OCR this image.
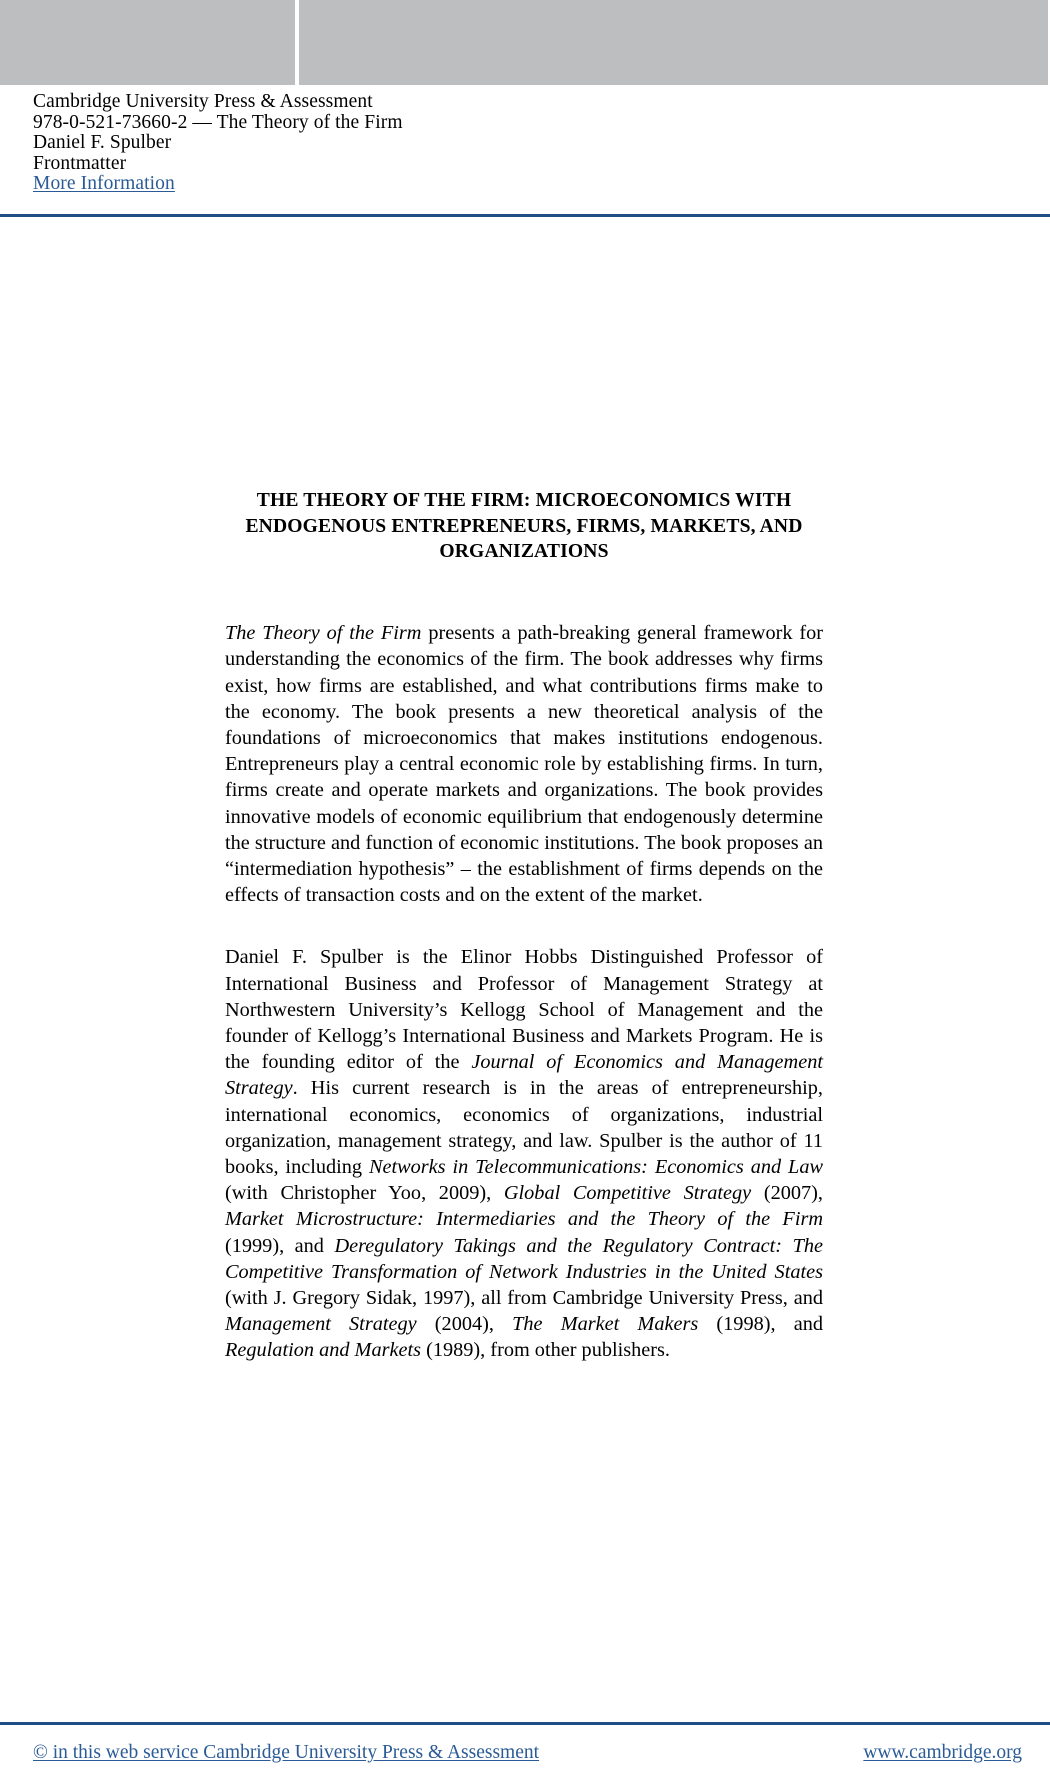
Cambridge University Press & Assessment
978-0-521-73660-2 — The Theory of the Firm
Daniel F. Spulber
Frontmatter
More Information
THE THEORY OF THE FIRM: MICROECONOMICS WITH
ENDOGENOUS ENTREPRENEURS, FIRMS, MARKETS, AND
ORGANIZATIONS

The Theory of the Firm presents a path-breaking general framework for understanding the economics of the firm. The book addresses why firms exist, how firms are established, and what contributions firms make to the economy. The book presents a new theoretical analysis of the foundations of microeconomics that makes institutions endogenous. Entrepreneurs play a central economic role by establishing firms. In turn, firms create and operate markets and organizations. The book provides innovative models of economic equilibrium that endogenously determine the structure and function of economic institutions. The book proposes an “intermediation hypothesis” – the establishment of firms depends on the effects of transaction costs and on the extent of the market.

Daniel F. Spulber is the Elinor Hobbs Distinguished Professor of International Business and Professor of Management Strategy at Northwestern University’s Kellogg School of Management and the founder of Kellogg’s International Business and Markets Program. He is the founding editor of the Journal of Economics and Management Strategy. His current research is in the areas of entrepreneurship, international economics, economics of organizations, industrial organization, management strategy, and law. Spulber is the author of 11 books, including Networks in Telecommunications: Economics and Law (with Christopher Yoo, 2009), Global Competitive Strategy (2007), Market Microstructure: Intermediaries and the Theory of the Firm (1999), and Deregulatory Takings and the Regulatory Contract: The Competitive Transformation of Network Industries in the United States (with J. Gregory Sidak, 1997), all from Cambridge University Press, and Management Strategy (2004), The Market Makers (1998), and Regulation and Markets (1989), from other publishers.

© in this web service Cambridge University Press & Assessment	www.cambridge.org
